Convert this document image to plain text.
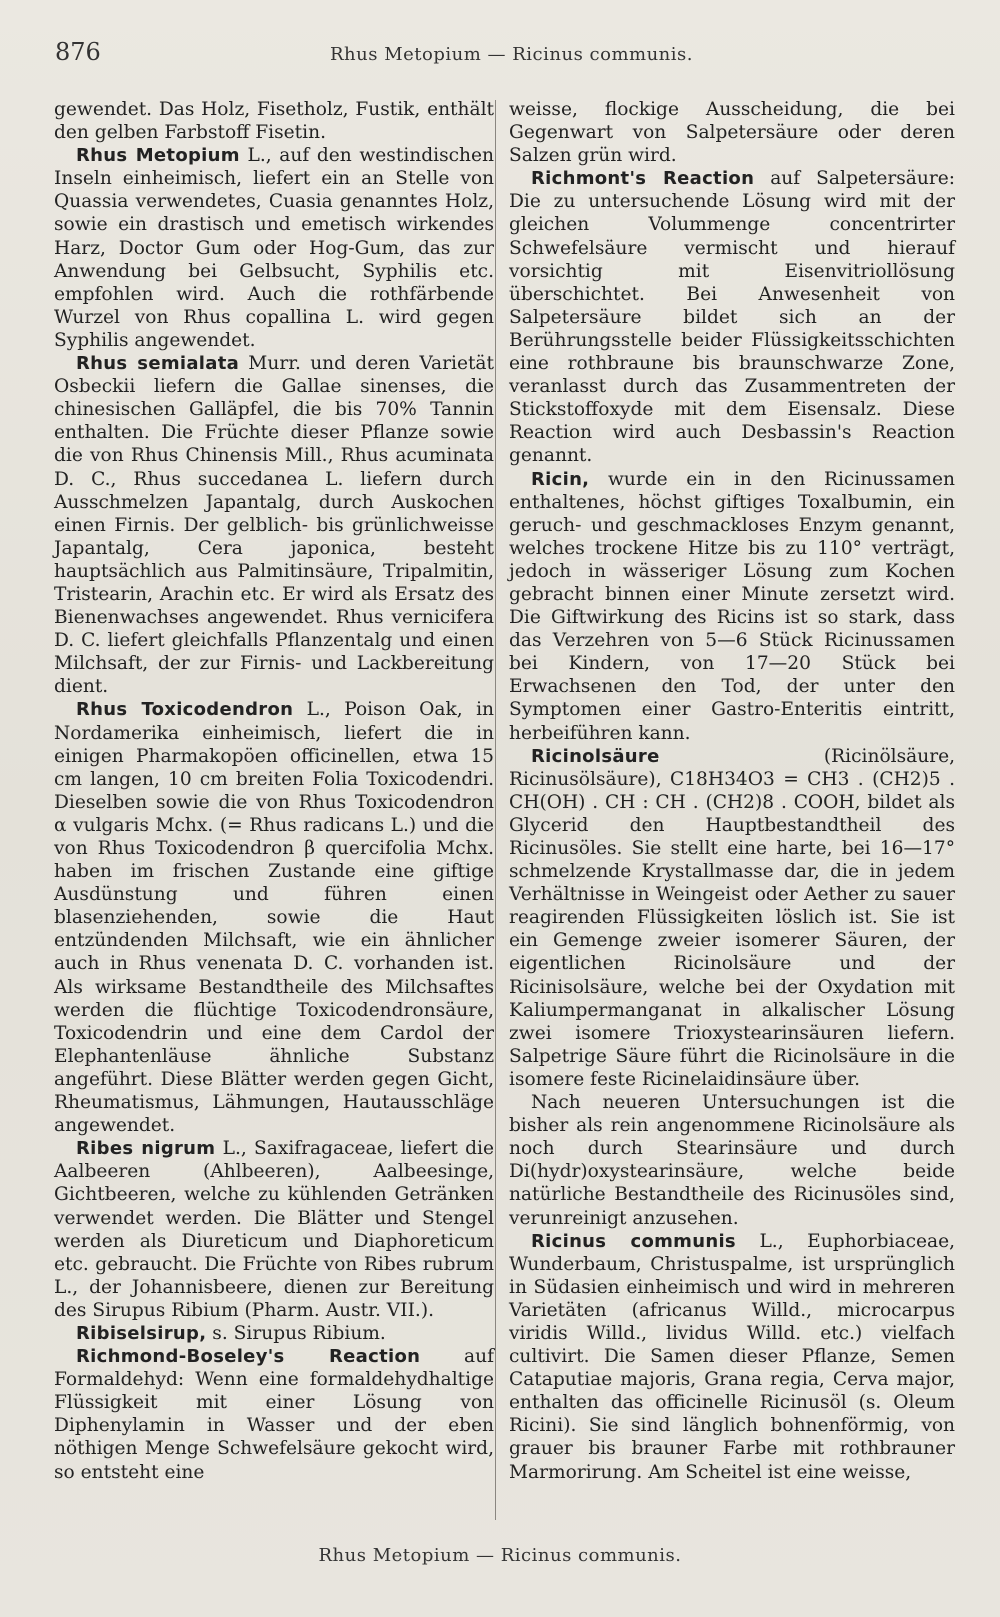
876	Rhus Metopium — Ricinus communis.

gewendet. Das Holz, Fisetholz, Fustik, enthält den gelben Farbstoff Fisetin.

Rhus Metopium L., auf den westindischen Inseln einheimisch, liefert ein an Stelle von Quassia verwendetes, Cuasia genanntes Holz, sowie ein drastisch und emetisch wirkendes Harz, Doctor Gum oder Hog-Gum, das zur Anwendung bei Gelbsucht, Syphilis etc. empfohlen wird. Auch die rothfärbende Wurzel von Rhus copallina L. wird gegen Syphilis angewendet.

Rhus semialata Murr. und deren Varietät Osbeckii liefern die Gallae sinenses, die chinesischen Galläpfel, die bis 70% Tannin enthalten. Die Früchte dieser Pflanze sowie die von Rhus Chinensis Mill., Rhus acuminata D. C., Rhus succedanea L. liefern durch Ausschmelzen Japantalg, durch Auskochen einen Firnis. Der gelblich- bis grünlichweisse Japantalg, Cera japonica, besteht hauptsächlich aus Palmitinsäure, Tripalmitin, Tristearin, Arachin etc. Er wird als Ersatz des Bienenwachses angewendet. Rhus vernicifera D. C. liefert gleichfalls Pflanzentalg und einen Milchsaft, der zur Firnis- und Lackbereitung dient.

Rhus Toxicodendron L., Poison Oak, in Nordamerika einheimisch, liefert die in einigen Pharmakopöen officinellen, etwa 15 cm langen, 10 cm breiten Folia Toxicodendri. Dieselben sowie die von Rhus Toxicodendron α vulgaris Mchx. (= Rhus radicans L.) und die von Rhus Toxicodendron β quercifolia Mchx. haben im frischen Zustande eine giftige Ausdünstung und führen einen blasenziehenden, sowie die Haut entzündenden Milchsaft, wie ein ähnlicher auch in Rhus venenata D. C. vorhanden ist. Als wirksame Bestandtheile des Milchsaftes werden die flüchtige Toxicodendronsäure, Toxicodendrin und eine dem Cardol der Elephantenläuse ähnliche Substanz angeführt. Diese Blätter werden gegen Gicht, Rheumatismus, Lähmungen, Hautausschläge angewendet.

Ribes nigrum L., Saxifragaceae, liefert die Aalbeeren (Ahlbeeren), Aalbeesinge, Gichtbeeren, welche zu kühlenden Getränken verwendet werden. Die Blätter und Stengel werden als Diureticum und Diaphoreticum etc. gebraucht. Die Früchte von Ribes rubrum L., der Johannisbeere, dienen zur Bereitung des Sirupus Ribium (Pharm. Austr. VII.).

Ribiselsirup, s. Sirupus Ribium.

Richmond-Boseley's Reaction auf Formaldehyd: Wenn eine formaldehydhaltige Flüssigkeit mit einer Lösung von Diphenylamin in Wasser und der eben nöthigen Menge Schwefelsäure gekocht wird, so entsteht eine

weisse, flockige Ausscheidung, die bei Gegenwart von Salpetersäure oder deren Salzen grün wird.

Richmont's Reaction auf Salpetersäure: Die zu untersuchende Lösung wird mit der gleichen Volummenge concentrirter Schwefelsäure vermischt und hierauf vorsichtig mit Eisenvitriollösung überschichtet. Bei Anwesenheit von Salpetersäure bildet sich an der Berührungsstelle beider Flüssigkeitsschichten eine rothbraune bis braunschwarze Zone, veranlasst durch das Zusammentreten der Stickstoffoxyde mit dem Eisensalz. Diese Reaction wird auch Desbassin's Reaction genannt.

Ricin, wurde ein in den Ricinussamen enthaltenes, höchst giftiges Toxalbumin, ein geruch- und geschmackloses Enzym genannt, welches trockene Hitze bis zu 110° verträgt, jedoch in wässeriger Lösung zum Kochen gebracht binnen einer Minute zersetzt wird. Die Giftwirkung des Ricins ist so stark, dass das Verzehren von 5—6 Stück Ricinussamen bei Kindern, von 17—20 Stück bei Erwachsenen den Tod, der unter den Symptomen einer Gastro-Enteritis eintritt, herbeiführen kann.

Ricinolsäure (Ricinölsäure, Ricinusölsäure), C18H34O3 = CH3 . (CH2)5 . CH(OH) . CH : CH . (CH2)8 . COOH, bildet als Glycerid den Hauptbestandtheil des Ricinusöles. Sie stellt eine harte, bei 16—17° schmelzende Krystallmasse dar, die in jedem Verhältnisse in Weingeist oder Aether zu sauer reagirenden Flüssigkeiten löslich ist. Sie ist ein Gemenge zweier isomerer Säuren, der eigentlichen Ricinolsäure und der Ricinisolsäure, welche bei der Oxydation mit Kaliumpermanganat in alkalischer Lösung zwei isomere Trioxystearinsäuren liefern. Salpetrige Säure führt die Ricinolsäure in die isomere feste Ricinelaidinsäure über.

Nach neueren Untersuchungen ist die bisher als rein angenommene Ricinolsäure als noch durch Stearinsäure und durch Di(hydr)oxystearinsäure, welche beide natürliche Bestandtheile des Ricinusöles sind, verunreinigt anzusehen.

Ricinus communis L., Euphorbiaceae, Wunderbaum, Christuspalme, ist ursprünglich in Südasien einheimisch und wird in mehreren Varietäten (africanus Willd., microcarpus viridis Willd., lividus Willd. etc.) vielfach cultivirt. Die Samen dieser Pflanze, Semen Cataputiae majoris, Grana regia, Cerva major, enthalten das officinelle Ricinusöl (s. Oleum Ricini). Sie sind länglich bohnenförmig, von grauer bis brauner Farbe mit rothbrauner Marmorirung. Am Scheitel ist eine weisse,

Rhus Metopium — Ricinus communis.
